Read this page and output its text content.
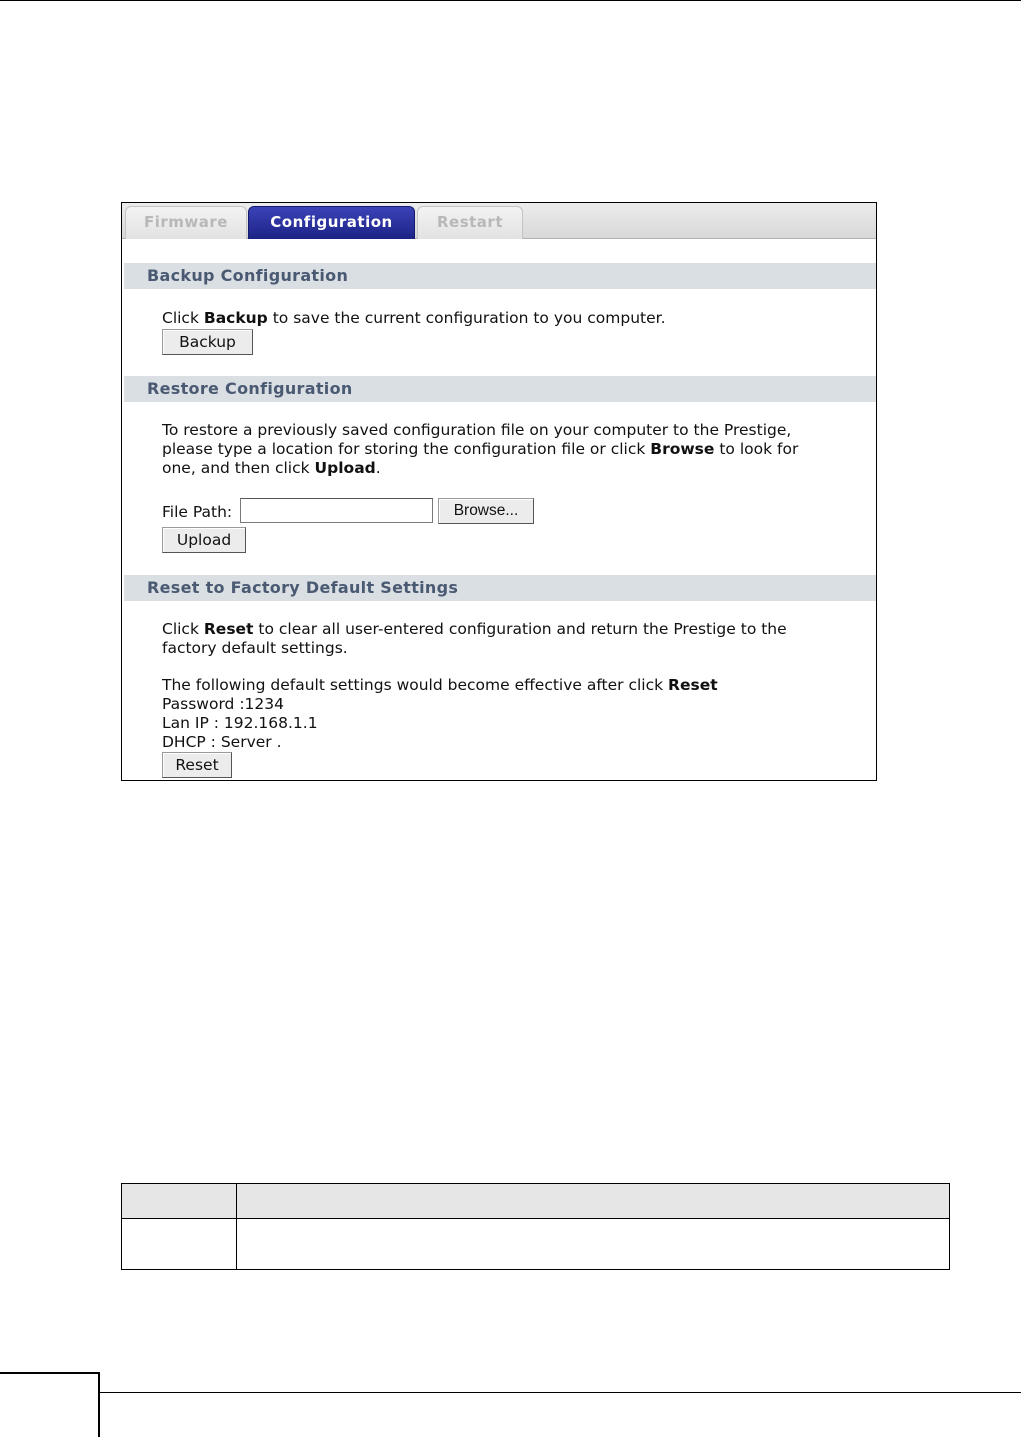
Firmware	Configuration	Restart
Backup Configuration
Click Backup to save the current configuration to you computer.
Backup
Restore Configuration
To restore a previously saved configuration file on your computer to the Prestige,
please type a location for storing the configuration file or click Browse to look for
one, and then click Upload.
File Path:	Browse...
Upload
Reset to Factory Default Settings
Click Reset to clear all user-entered configuration and return the Prestige to the
factory default settings.
The following default settings would become effective after click Reset
Password :1234
Lan IP : 192.168.1.1
DHCP : Server .
Reset
